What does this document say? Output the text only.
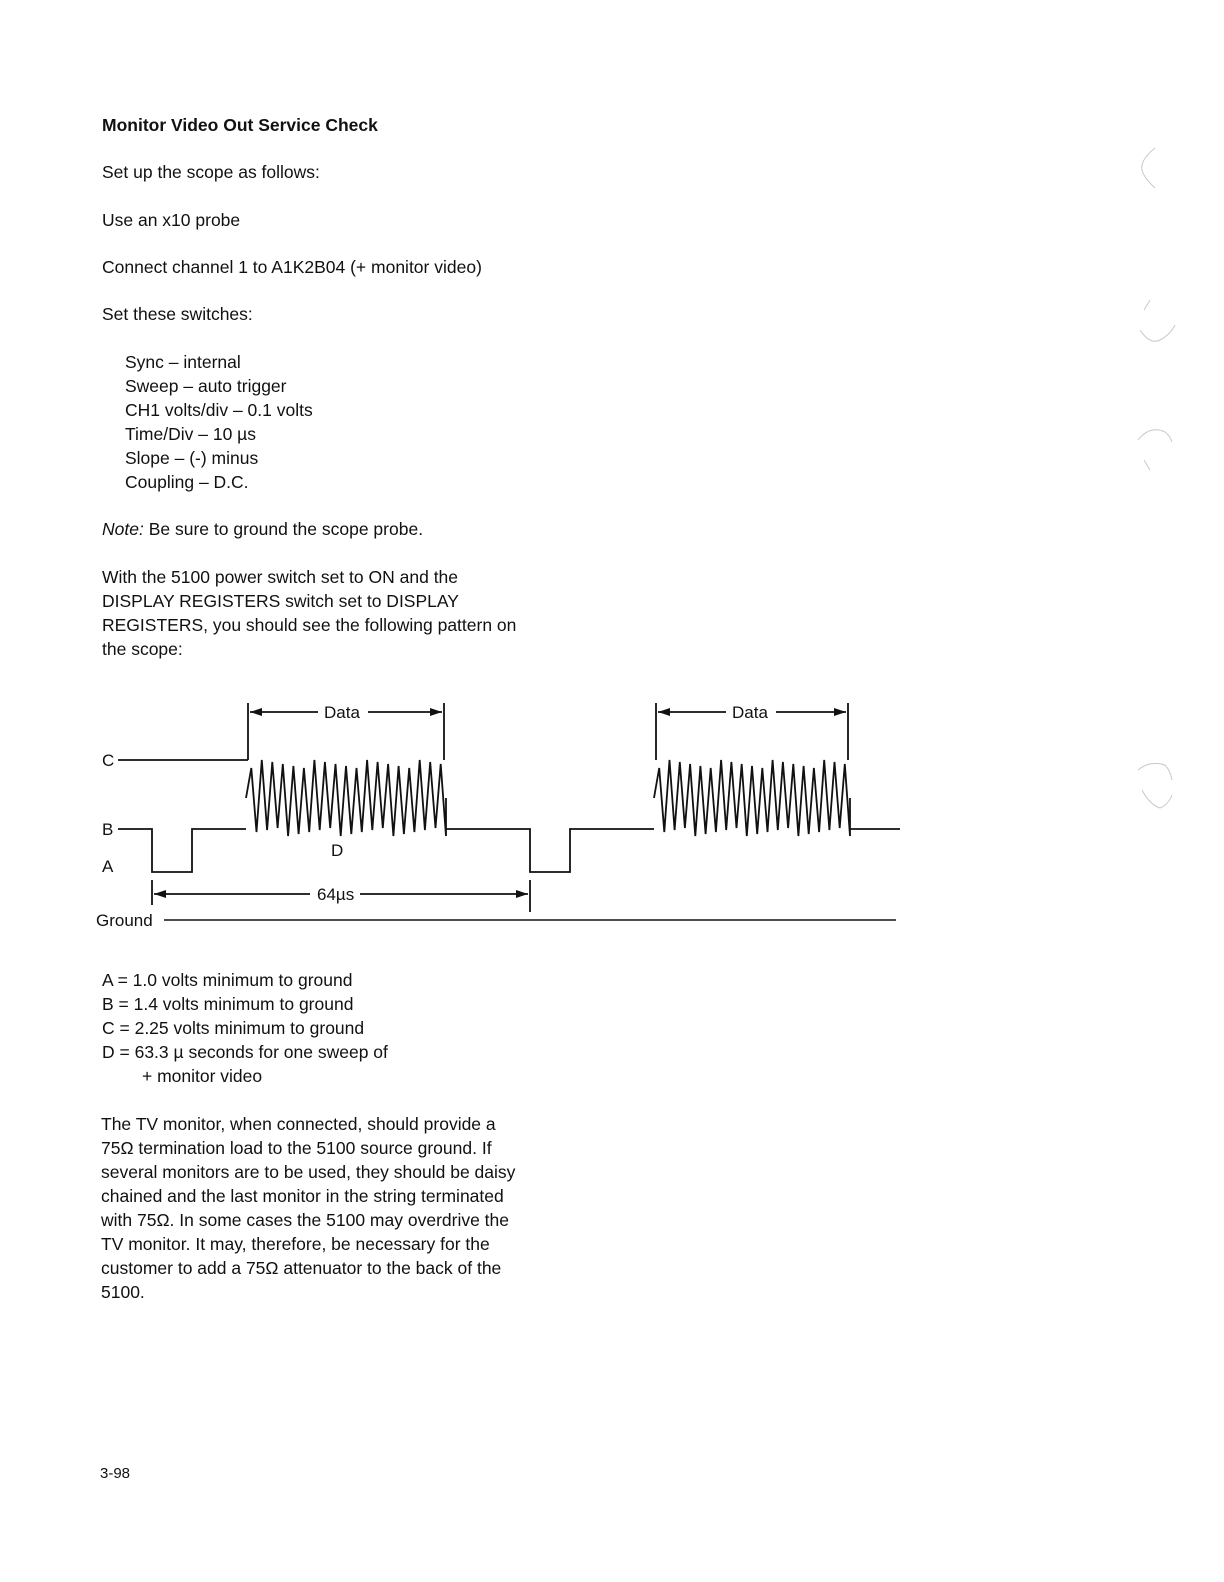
Monitor Video Out Service Check
Set up the scope as follows:
Use an x10 probe
Connect channel 1 to A1K2B04 (+ monitor video)
Set these switches:
Sync – internal
Sweep – auto trigger
CH1 volts/div – 0.1 volts
Time/Div – 10 µs
Slope – (-) minus
Coupling – D.C.
Note: Be sure to ground the scope probe.
With the 5100 power switch set to ON and the
DISPLAY REGISTERS switch set to DISPLAY
REGISTERS, you should see the following pattern on
the scope:
Data	Data
C
B
A
D
64µs
Ground
A = 1.0 volts minimum to ground
B = 1.4 volts minimum to ground
C = 2.25 volts minimum to ground
D = 63.3 µ seconds for one sweep of
+ monitor video
The TV monitor, when connected, should provide a
75Ω termination load to the 5100 source ground. If
several monitors are to be used, they should be daisy
chained and the last monitor in the string terminated
with 75Ω. In some cases the 5100 may overdrive the
TV monitor. It may, therefore, be necessary for the
customer to add a 75Ω attenuator to the back of the
5100.
3-98
